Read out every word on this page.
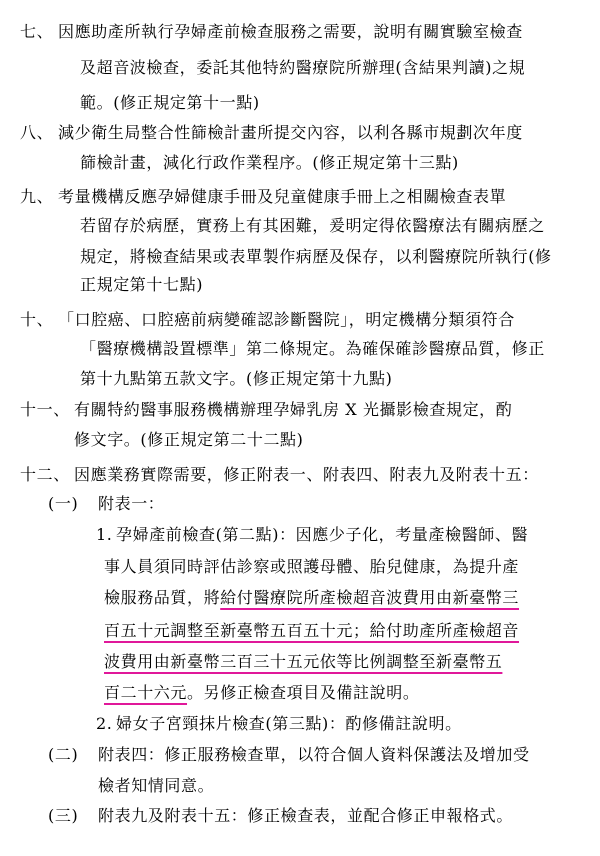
七、 因應助產所執行孕婦產前檢查服務之需要，說明有關實驗室檢查
及超音波檢查，委託其他特約醫療院所辦理(含結果判讀)之規
範。(修正規定第十一點)
八、 減少衛生局整合性篩檢計畫所提交內容，以利各縣市規劃次年度
篩檢計畫，減化行政作業程序。(修正規定第十三點)
九、 考量機構反應孕婦健康手冊及兒童健康手冊上之相關檢查表單
若留存於病歷，實務上有其困難，爰明定得依醫療法有關病歷之
規定，將檢查結果或表單製作病歷及保存，以利醫療院所執行(修
正規定第十七點)
十、 「口腔癌、口腔癌前病變確認診斷醫院」，明定機構分類須符合
「醫療機構設置標準」第二條規定。為確保確診醫療品質，修正
第十九點第五款文字。(修正規定第十九點)
十一、 有關特約醫事服務機構辦理孕婦乳房 X 光攝影檢查規定，酌
修文字。(修正規定第二十二點)
十二、 因應業務實際需要，修正附表一、附表四、附表九及附表十五：
(一) 附表一：
1. 孕婦產前檢查(第二點)：因應少子化，考量產檢醫師、醫
事人員須同時評估診察或照護母體、胎兒健康，為提升產
檢服務品質，將給付醫療院所產檢超音波費用由新臺幣三
百五十元調整至新臺幣五百五十元；給付助產所產檢超音
波費用由新臺幣三百三十五元依等比例調整至新臺幣五
百二十六元。另修正檢查項目及備註說明。
2. 婦女子宮頸抹片檢查(第三點)：酌修備註說明。
(二) 附表四：修正服務檢查單，以符合個人資料保護法及增加受
檢者知情同意。
(三) 附表九及附表十五：修正檢查表，並配合修正申報格式。
